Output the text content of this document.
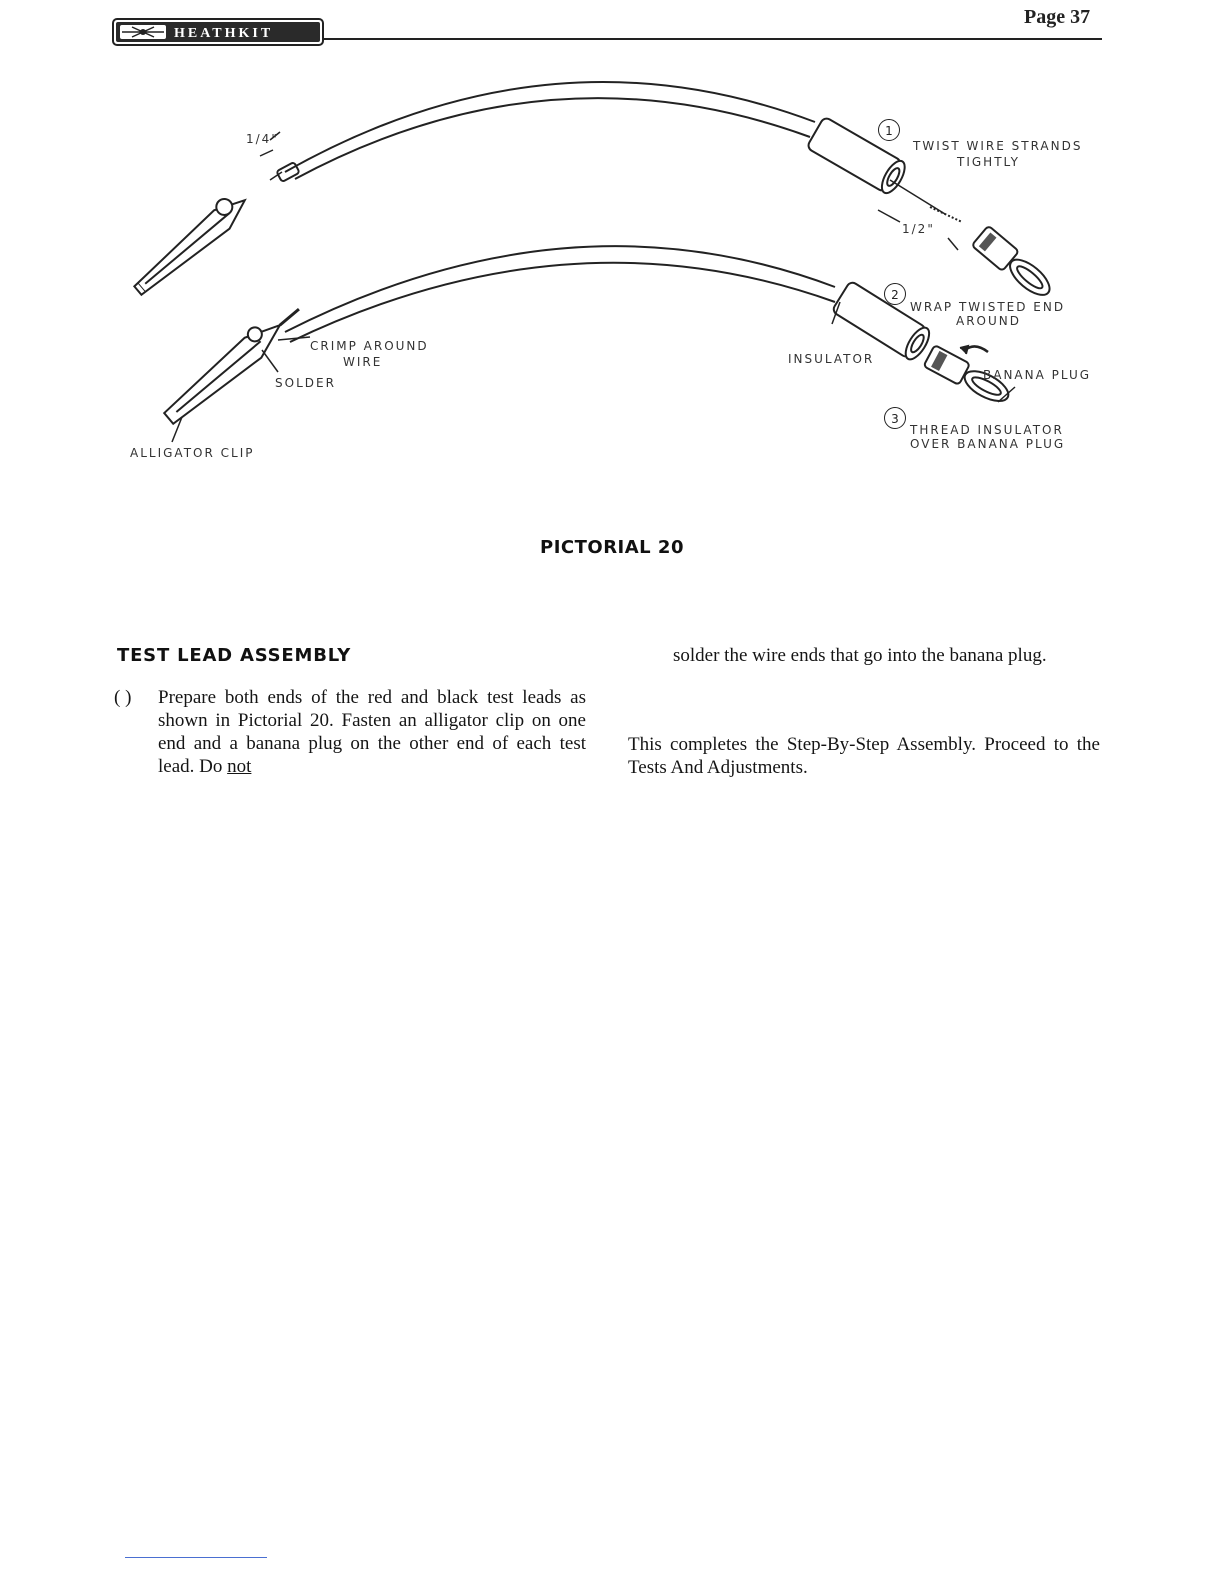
HEATHKIT
Page 37
1/4"
1/2"
1
TWIST WIRE STRANDS
TIGHTLY
2
WRAP TWISTED END
AROUND
CRIMP AROUND
WIRE	INSULATOR
BANANA PLUG
SOLDER
3
THREAD INSULATOR
OVER BANANA PLUG
ALLIGATOR CLIP
PICTORIAL 20
TEST LEAD ASSEMBLY
( ) Prepare both ends of the red and black test leads as shown in Pictorial 20. Fasten an alligator clip on one end and a banana plug on the other end of each test lead. Do not
solder the wire ends that go into the banana plug.
This completes the Step-By-Step Assembly. Proceed to the Tests And Adjustments.
